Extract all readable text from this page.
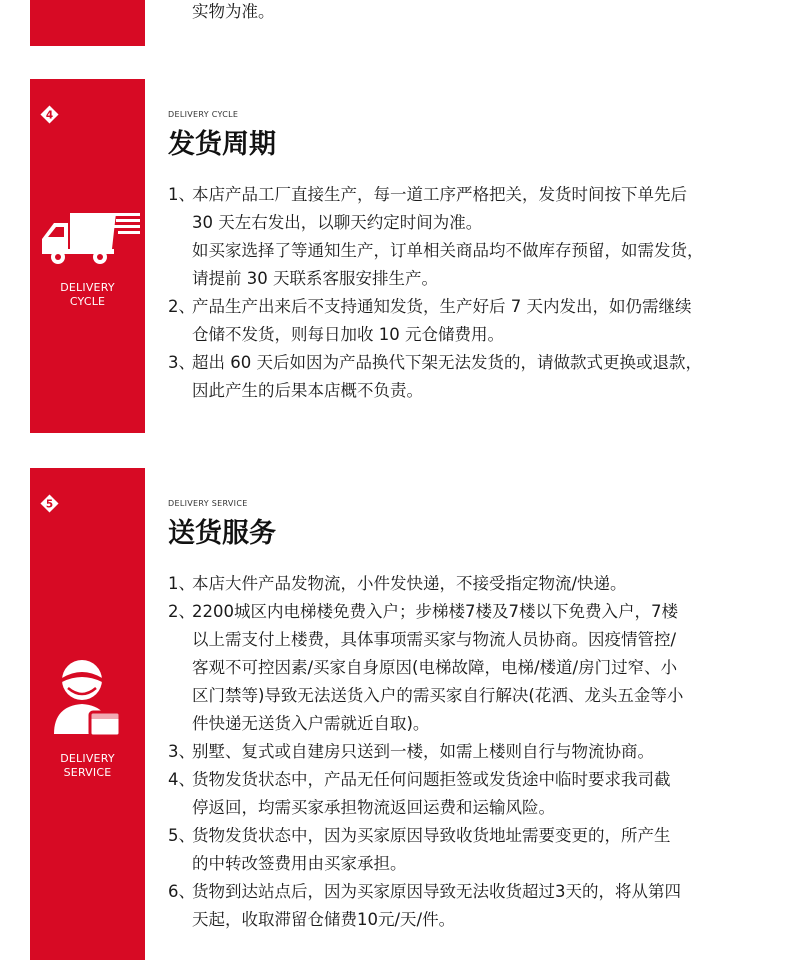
实物为准。
4
DELIVERY
CYCLE
DELIVERY CYCLE
发货周期
1、

本店产品工厂直接生产，每一道工序严格把关，发货时间按下单先后

30 天左右发出，以聊天约定时间为准。

如买家选择了等通知生产，订单相关商品均不做库存预留，如需发货，

请提前 30 天联系客服安排生产。

2、

产品生产出来后不支持通知发货，生产好后 7 天内发出，如仍需继续

仓储不发货，则每日加收 10 元仓储费用。

3、

超出 60 天后如因为产品换代下架无法发货的，请做款式更换或退款，

因此产生的后果本店概不负责。

5
DELIVERY
SERVICE
DELIVERY SERVICE
送货服务
1、

本店大件产品发物流，小件发快递，不接受指定物流/快递。

2、

2200城区内电梯楼免费入户；步梯楼7楼及7楼以下免费入户，7楼

以上需支付上楼费，具体事项需买家与物流人员协商。因疫情管控/

客观不可控因素/买家自身原因(电梯故障，电梯/楼道/房门过窄、小

区门禁等)导致无法送货入户的需买家自行解决(花洒、龙头五金等小

件快递无送货入户需就近自取)。

3、

别墅、复式或自建房只送到一楼，如需上楼则自行与物流协商。

4、

货物发货状态中，产品无任何问题拒签或发货途中临时要求我司截

停返回，均需买家承担物流返回运费和运输风险。

5、

货物发货状态中，因为买家原因导致收货地址需要变更的，所产生

的中转改签费用由买家承担。

6、

货物到达站点后，因为买家原因导致无法收货超过3天的，将从第四

天起，收取滞留仓储费10元/天/件。
